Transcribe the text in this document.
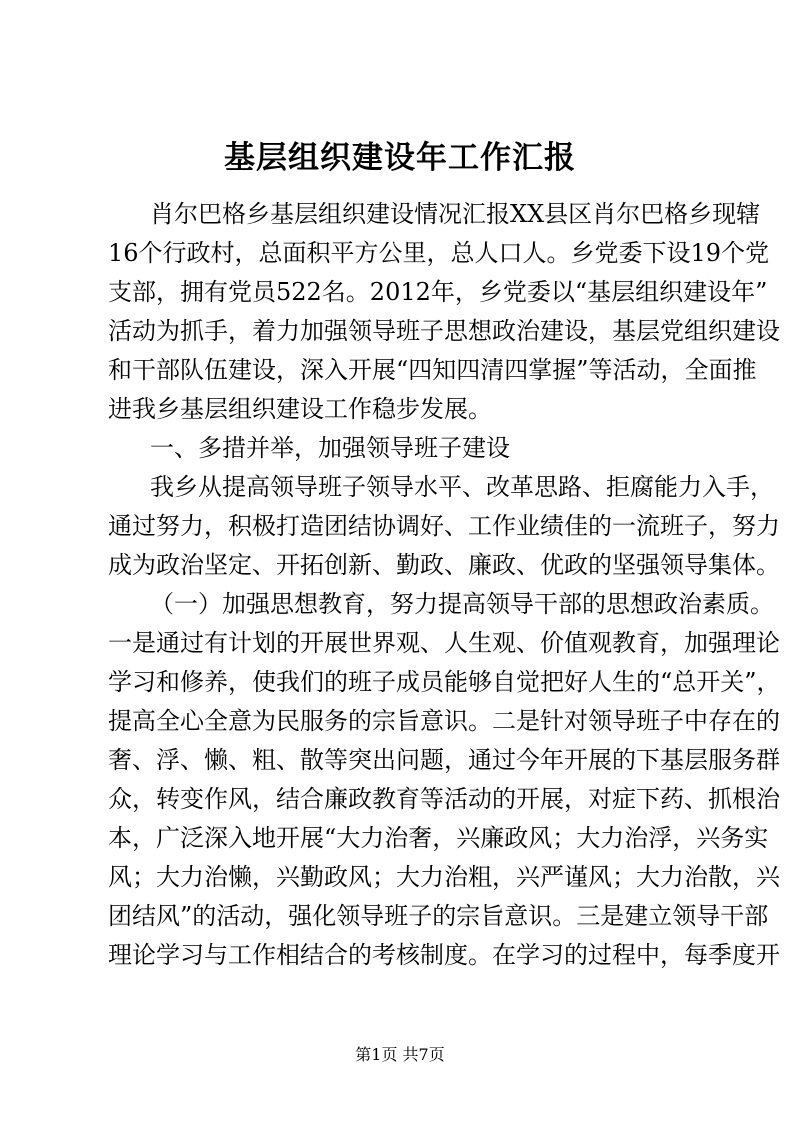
基层组织建设年工作汇报
肖尔巴格乡基层组织建设情况汇报XX县区肖尔巴格乡现辖
16个行政村，总面积平方公里，总人口人。乡党委下设19个党
支部，拥有党员522名。2012年，乡党委以“基层组织建设年”
活动为抓手，着力加强领导班子思想政治建设，基层党组织建设
和干部队伍建设，深入开展“四知四清四掌握”等活动，全面推
进我乡基层组织建设工作稳步发展。
一、多措并举，加强领导班子建设
我乡从提高领导班子领导水平、改革思路、拒腐能力入手，
通过努力，积极打造团结协调好、工作业绩佳的一流班子，努力
成为政治坚定、开拓创新、勤政、廉政、优政的坚强领导集体。
（一）加强思想教育，努力提高领导干部的思想政治素质。
一是通过有计划的开展世界观、人生观、价值观教育，加强理论
学习和修养，使我们的班子成员能够自觉把好人生的“总开关”，
提高全心全意为民服务的宗旨意识。二是针对领导班子中存在的
奢、浮、懒、粗、散等突出问题，通过今年开展的下基层服务群
众，转变作风，结合廉政教育等活动的开展，对症下药、抓根治
本，广泛深入地开展“大力治奢，兴廉政风；大力治浮，兴务实
风；大力治懒，兴勤政风；大力治粗，兴严谨风；大力治散，兴
团结风”的活动，强化领导班子的宗旨意识。三是建立领导干部
理论学习与工作相结合的考核制度。在学习的过程中，每季度开
第1页 共7页
